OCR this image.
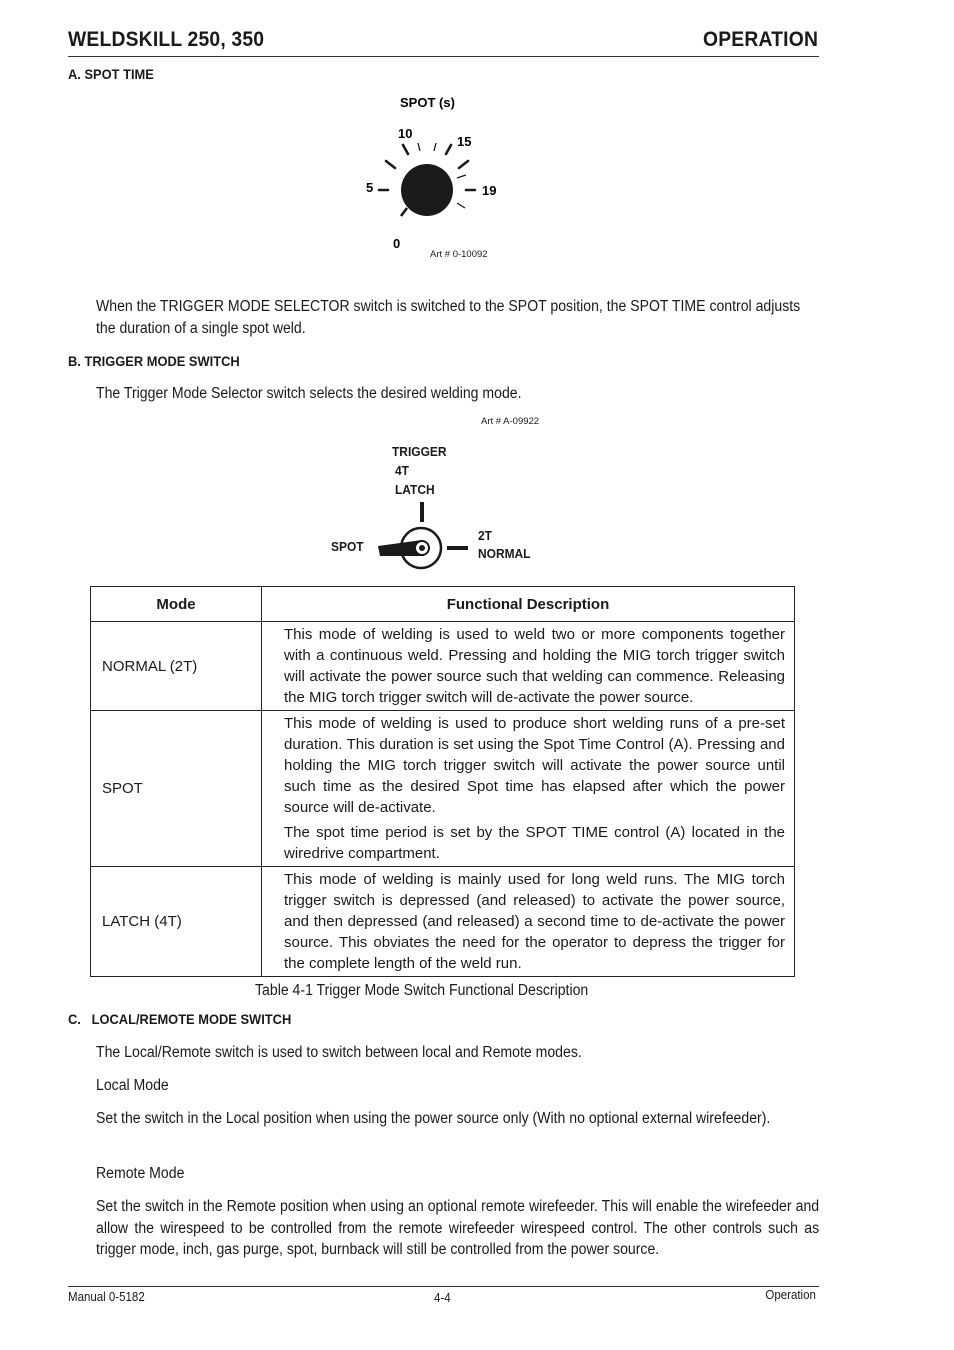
WELDSKILL 250, 350	OPERATION
A. SPOT TIME
SPOT (s)
0
5
10
15
19
Art # 0-10092
When the TRIGGER MODE SELECTOR switch is switched to the SPOT position, the SPOT TIME control adjusts the duration of a single spot weld.
B. TRIGGER MODE SWITCH
The Trigger Mode Selector switch selects the desired welding mode.
Art # A-09922
TRIGGER
4T
LATCH
SPOT
2T
NORMAL
Mode	Functional Description
NORMAL (2T)	This mode of welding is used to weld two or more components together with a continuous weld. Pressing and holding the MIG torch trigger switch will activate the power source such that welding can commence. Releasing the MIG torch trigger switch will de-activate the power source.

SPOT	This mode of welding is used to produce short welding runs of a pre-set duration. This duration is set using the Spot Time Control (A). Pressing and holding the MIG torch trigger switch will activate the power source until such time as the desired Spot time has elapsed after which the power source will de-activate.

The spot time period is set by the SPOT TIME control (A) located in the wiredrive compartment.

LATCH (4T)	This mode of welding is mainly used for long weld runs. The MIG torch trigger switch is depressed (and released) to activate the power source, and then depressed (and released) a second time to de-activate the power source. This obviates the need for the operator to depress the trigger for the complete length of the weld run.

Table 4-1 Trigger Mode Switch Functional Description
C.   LOCAL/REMOTE MODE SWITCH
The Local/Remote switch is used to switch between local and Remote modes.
Local Mode
Set the switch in the Local position when using the power source only (With no optional external wirefeeder).
Remote Mode
Set the switch in the Remote position when using an optional remote wirefeeder. This will enable the wirefeeder and allow the wirespeed to be controlled from the remote wirefeeder wirespeed control. The other controls such as trigger mode, inch, gas purge, spot, burnback will still be controlled from the power source.
Manual 0-5182	4-4	Operation
